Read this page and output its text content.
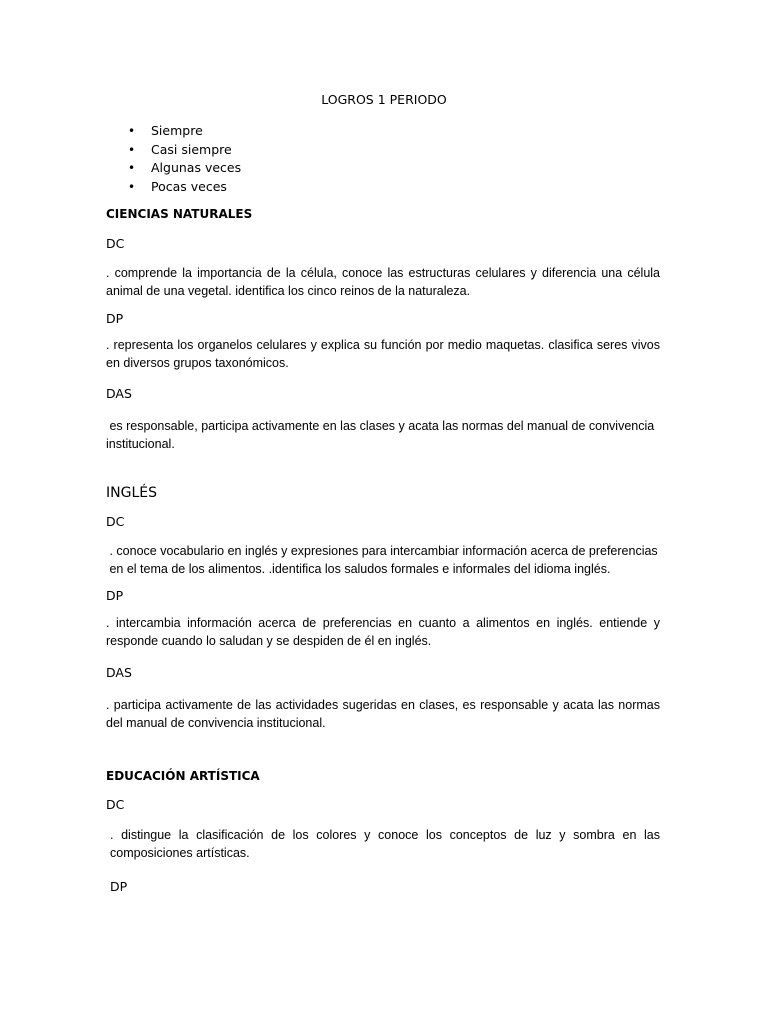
LOGROS 1 PERIODO

• Siempre
• Casi siempre
• Algunas veces
• Pocas veces

CIENCIAS NATURALES

DC

. comprende la importancia de la célula, conoce las estructuras celulares y diferencia una célula
animal de una vegetal. identifica los cinco reinos de la naturaleza.

DP

. representa los organelos celulares y explica su función por medio maquetas. clasifica seres vivos
en diversos grupos taxonómicos.

DAS

es responsable, participa activamente en las clases y acata las normas del manual de convivencia
institucional.

INGLÉS

DC

. conoce vocabulario en inglés y expresiones para intercambiar información acerca de preferencias
en el tema de los alimentos. .identifica los saludos formales e informales del idioma inglés.

DP

. intercambia información acerca de preferencias en cuanto a alimentos en inglés. entiende y
responde cuando lo saludan y se despiden de él en inglés.

DAS

. participa activamente de las actividades sugeridas en clases, es responsable y acata las normas
del manual de convivencia institucional.

EDUCACIÓN ARTÍSTICA

DC

. distingue la clasificación de los colores y conoce los conceptos de luz y sombra en las
composiciones artísticas.

DP
